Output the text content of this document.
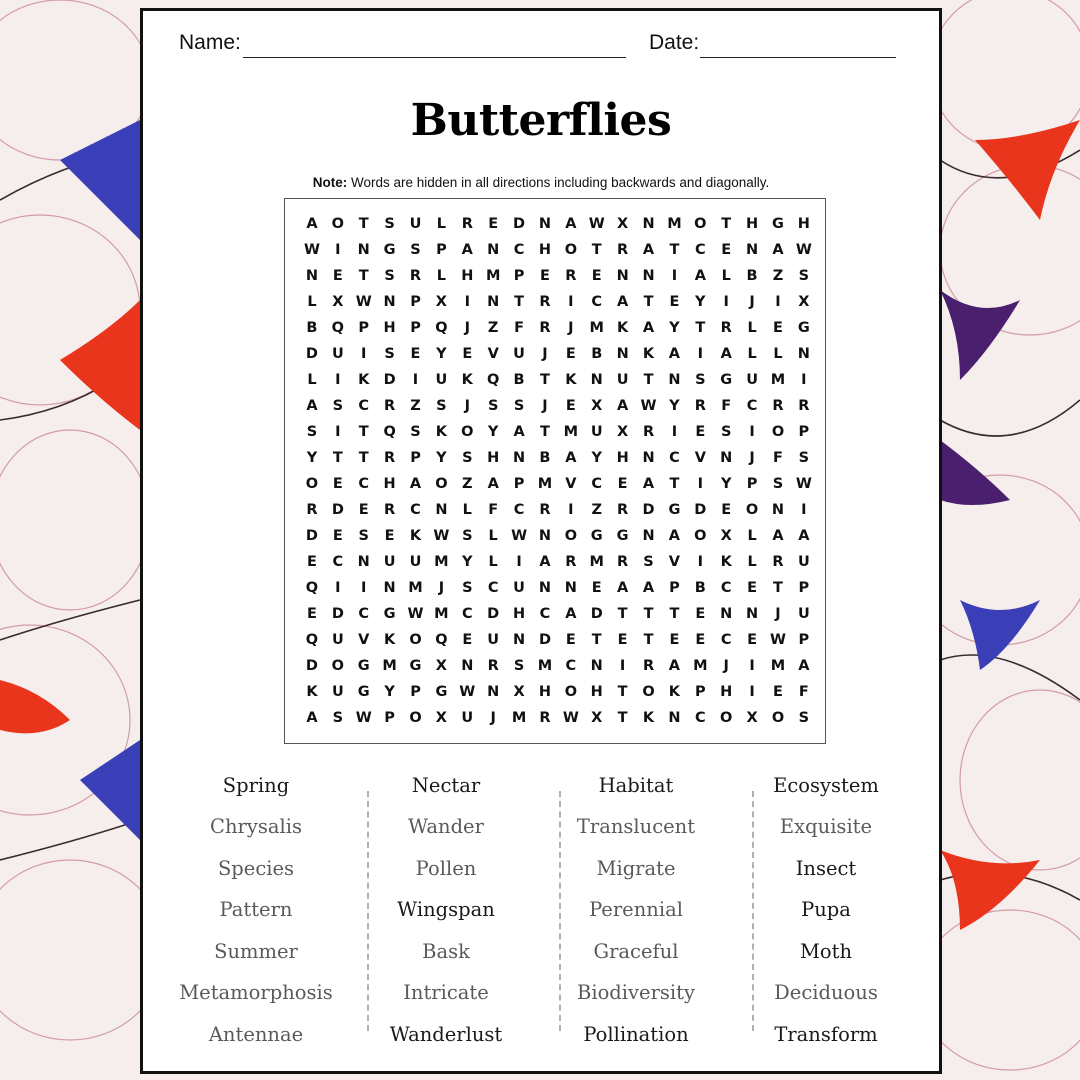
Name:	Date:
Butterflies
Note: Words are hidden in all directions including backwards and diagonally.
A O	T	S	U	L	R	E	D N A W X N M O	T	H G H
W	I	N G	S	P	A N C	H O	T	R	A	T	C	E	N A W
N	E	T	S	R	L	H M P	E	R	E	N N	I	A	L	B	Z	S
L	X W N	P	X	I	N	T	R	I	C	A	T	E	Y	I	J	I	X
B Q P	H	P Q	J	Z	F	R	J	M K	A	Y	T	R	L	E	G
D U	I	S	E	Y	E	V U	J	E	B N K	A	I	A	L	L	N
L	I	K D	I	U K Q B	T	K N U	T	N	S	G U M	I
A	S	C	R	Z	S	J	S	S	J	E	X	A W Y	R	F	C	R	R
S	I	T	Q	S	K O Y	A	T M U X	R	I	E	S	I	O P
Y	T	T	R	P	Y	S	H N B	A	Y	H N C	V N	J	F	S
O	E	C	H A O Z	A	P M V	C	E	A	T	I	Y	P	S W
R D	E	R	C	N	L	F	C	R	I	Z	R D G D	E	O N	I
D	E	S	E	K W S	L W N O G G N A O X	L	A	A
E	C	N U U M Y	L	I	A	R M R	S	V	I	K	L	R U
Q	I	I	N M	J	S	C	U N N	E	A	A	P	B	C	E	T	P
E	D	C	G W M C	D H C	A D	T	T	T	E	N N	J	U
Q U V	K O Q	E	U N D	E	T	E	T	E	E	C	E W P
D O G M G X N R	S M C	N	I	R	A M	J	I	M A
K U G	Y	P	G W N X H O H	T	O K	P	H	I	E	F
A	S W P O X U	J	M R W X	T	K N C O X O	S
Spring
Chrysalis
Species
Pattern
Summer
Metamorphosis
Antennae
Nectar
Wander
Pollen
Wingspan
Bask
Intricate
Wanderlust
Habitat
Translucent
Migrate
Perennial
Graceful
Biodiversity
Pollination
Ecosystem
Exquisite
Insect
Pupa
Moth
Deciduous
Transform
